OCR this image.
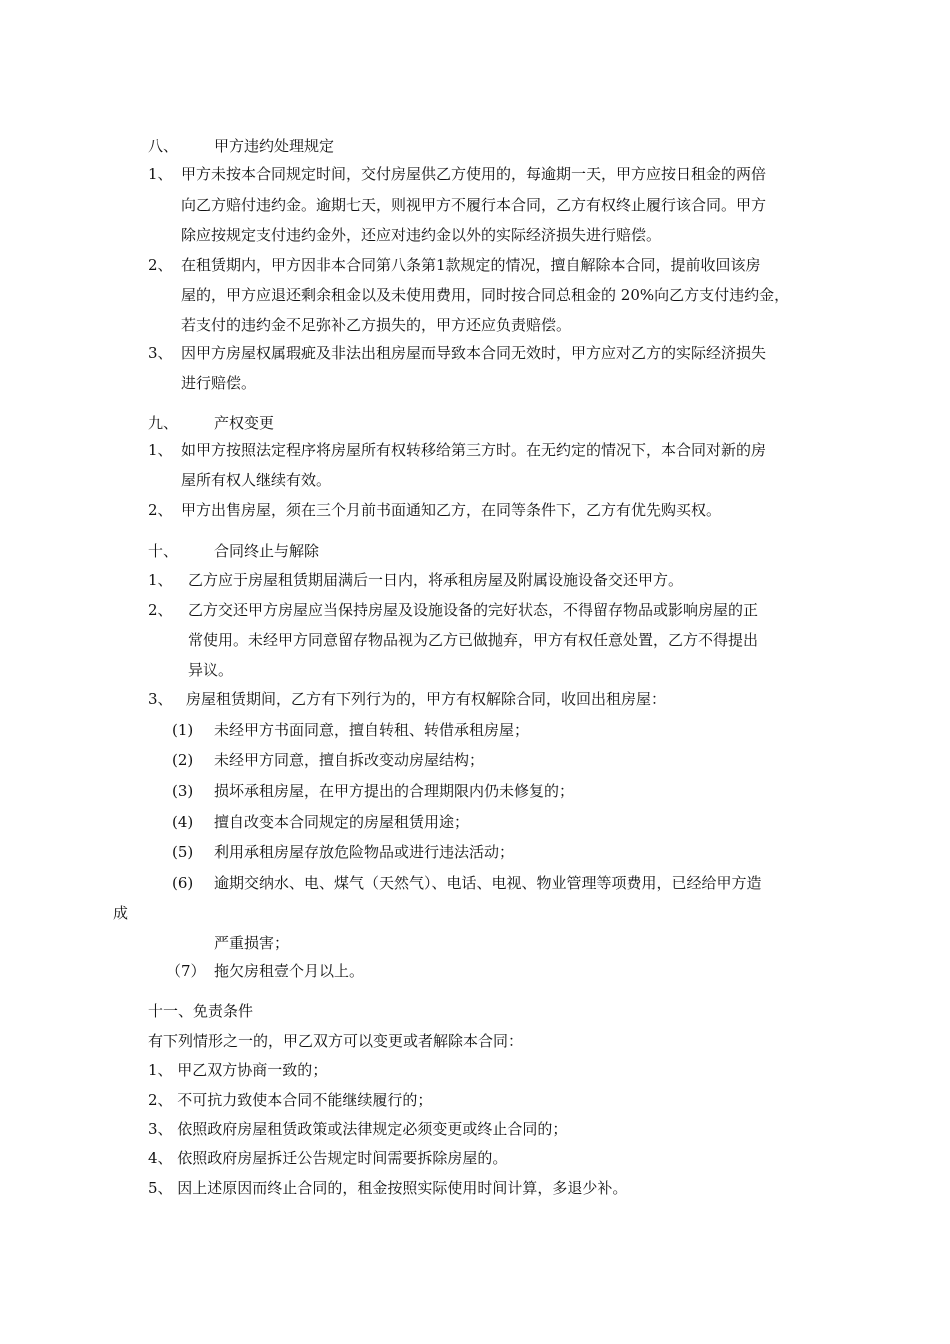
八、 甲方违约处理规定
1、 甲方未按本合同规定时间，交付房屋供乙方使用的，每逾期一天，甲方应按日租金的两倍
向乙方赔付违约金。逾期七天，则视甲方不履行本合同，乙方有权终止履行该合同。甲方
除应按规定支付违约金外，还应对违约金以外的实际经济损失进行赔偿。
2、 在租赁期内，甲方因非本合同第八条第1款规定的情况，擅自解除本合同，提前收回该房
屋的，甲方应退还剩余租金以及未使用费用，同时按合同总租金的 20%向乙方支付违约金，
若支付的违约金不足弥补乙方损失的，甲方还应负责赔偿。
3、 因甲方房屋权属瑕疵及非法出租房屋而导致本合同无效时，甲方应对乙方的实际经济损失
进行赔偿。
九、 产权变更
1、 如甲方按照法定程序将房屋所有权转移给第三方时。在无约定的情况下，本合同对新的房
屋所有权人继续有效。
2、 甲方出售房屋，须在三个月前书面通知乙方，在同等条件下，乙方有优先购买权。
十、 合同终止与解除
1、 乙方应于房屋租赁期届满后一日内，将承租房屋及附属设施设备交还甲方。
2、 乙方交还甲方房屋应当保持房屋及设施设备的完好状态，不得留存物品或影响房屋的正
常使用。未经甲方同意留存物品视为乙方已做抛弃，甲方有权任意处置，乙方不得提出
异议。
3、 房屋租赁期间，乙方有下列行为的，甲方有权解除合同，收回出租房屋：
(1) 未经甲方书面同意，擅自转租、转借承租房屋；
(2) 未经甲方同意，擅自拆改变动房屋结构；
(3) 损坏承租房屋，在甲方提出的合理期限内仍未修复的；
(4) 擅自改变本合同规定的房屋租赁用途；
(5) 利用承租房屋存放危险物品或进行违法活动；
(6) 逾期交纳水、电、煤气（天然气）、电话、电视、物业管理等项费用，已经给甲方造
成
严重损害；
（7） 拖欠房租壹个月以上。
十一、免责条件
有下列情形之一的，甲乙双方可以变更或者解除本合同：
1、 甲乙双方协商一致的；
2、 不可抗力致使本合同不能继续履行的；
3、 依照政府房屋租赁政策或法律规定必须变更或终止合同的；
4、 依照政府房屋拆迁公告规定时间需要拆除房屋的。
5、 因上述原因而终止合同的，租金按照实际使用时间计算，多退少补。
